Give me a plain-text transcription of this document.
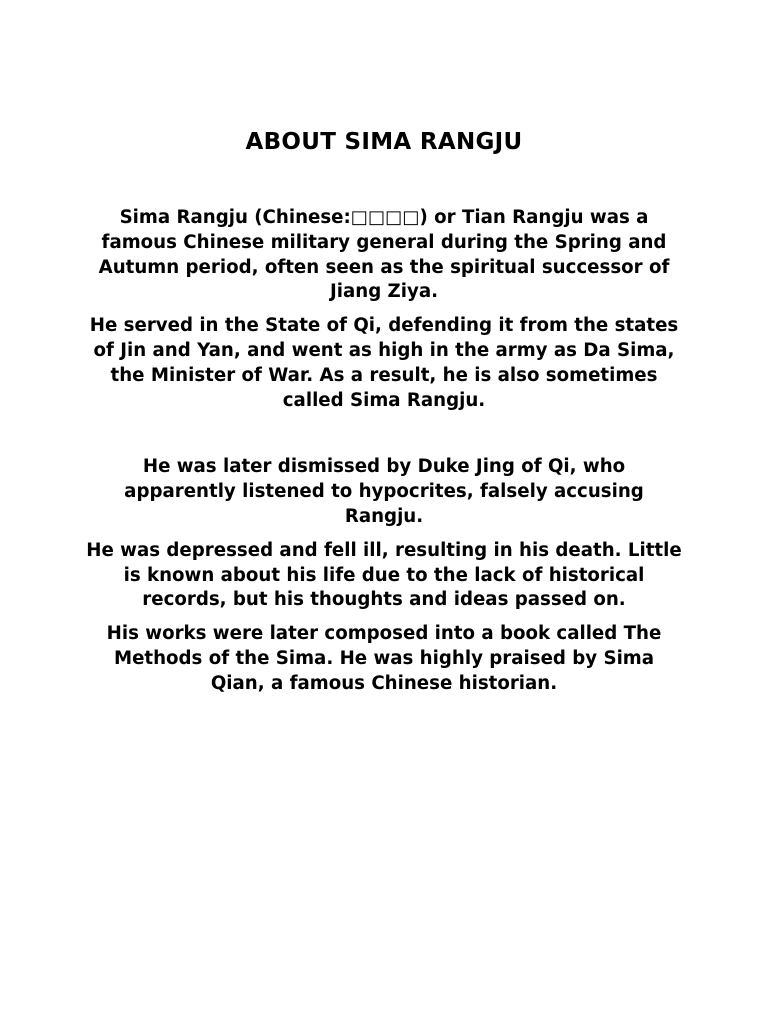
ABOUT SIMA RANGJU

Sima Rangju (Chinese:□□□□) or Tian Rangju was a famous Chinese military general during the Spring and Autumn period, often seen as the spiritual successor of Jiang Ziya.

He served in the State of Qi, defending it from the states of Jin and Yan, and went as high in the army as Da Sima, the Minister of War. As a result, he is also sometimes called Sima Rangju.

He was later dismissed by Duke Jing of Qi, who apparently listened to hypocrites, falsely accusing Rangju.

He was depressed and fell ill, resulting in his death. Little is known about his life due to the lack of historical records, but his thoughts and ideas passed on.

His works were later composed into a book called The Methods of the Sima. He was highly praised by Sima Qian, a famous Chinese historian.
